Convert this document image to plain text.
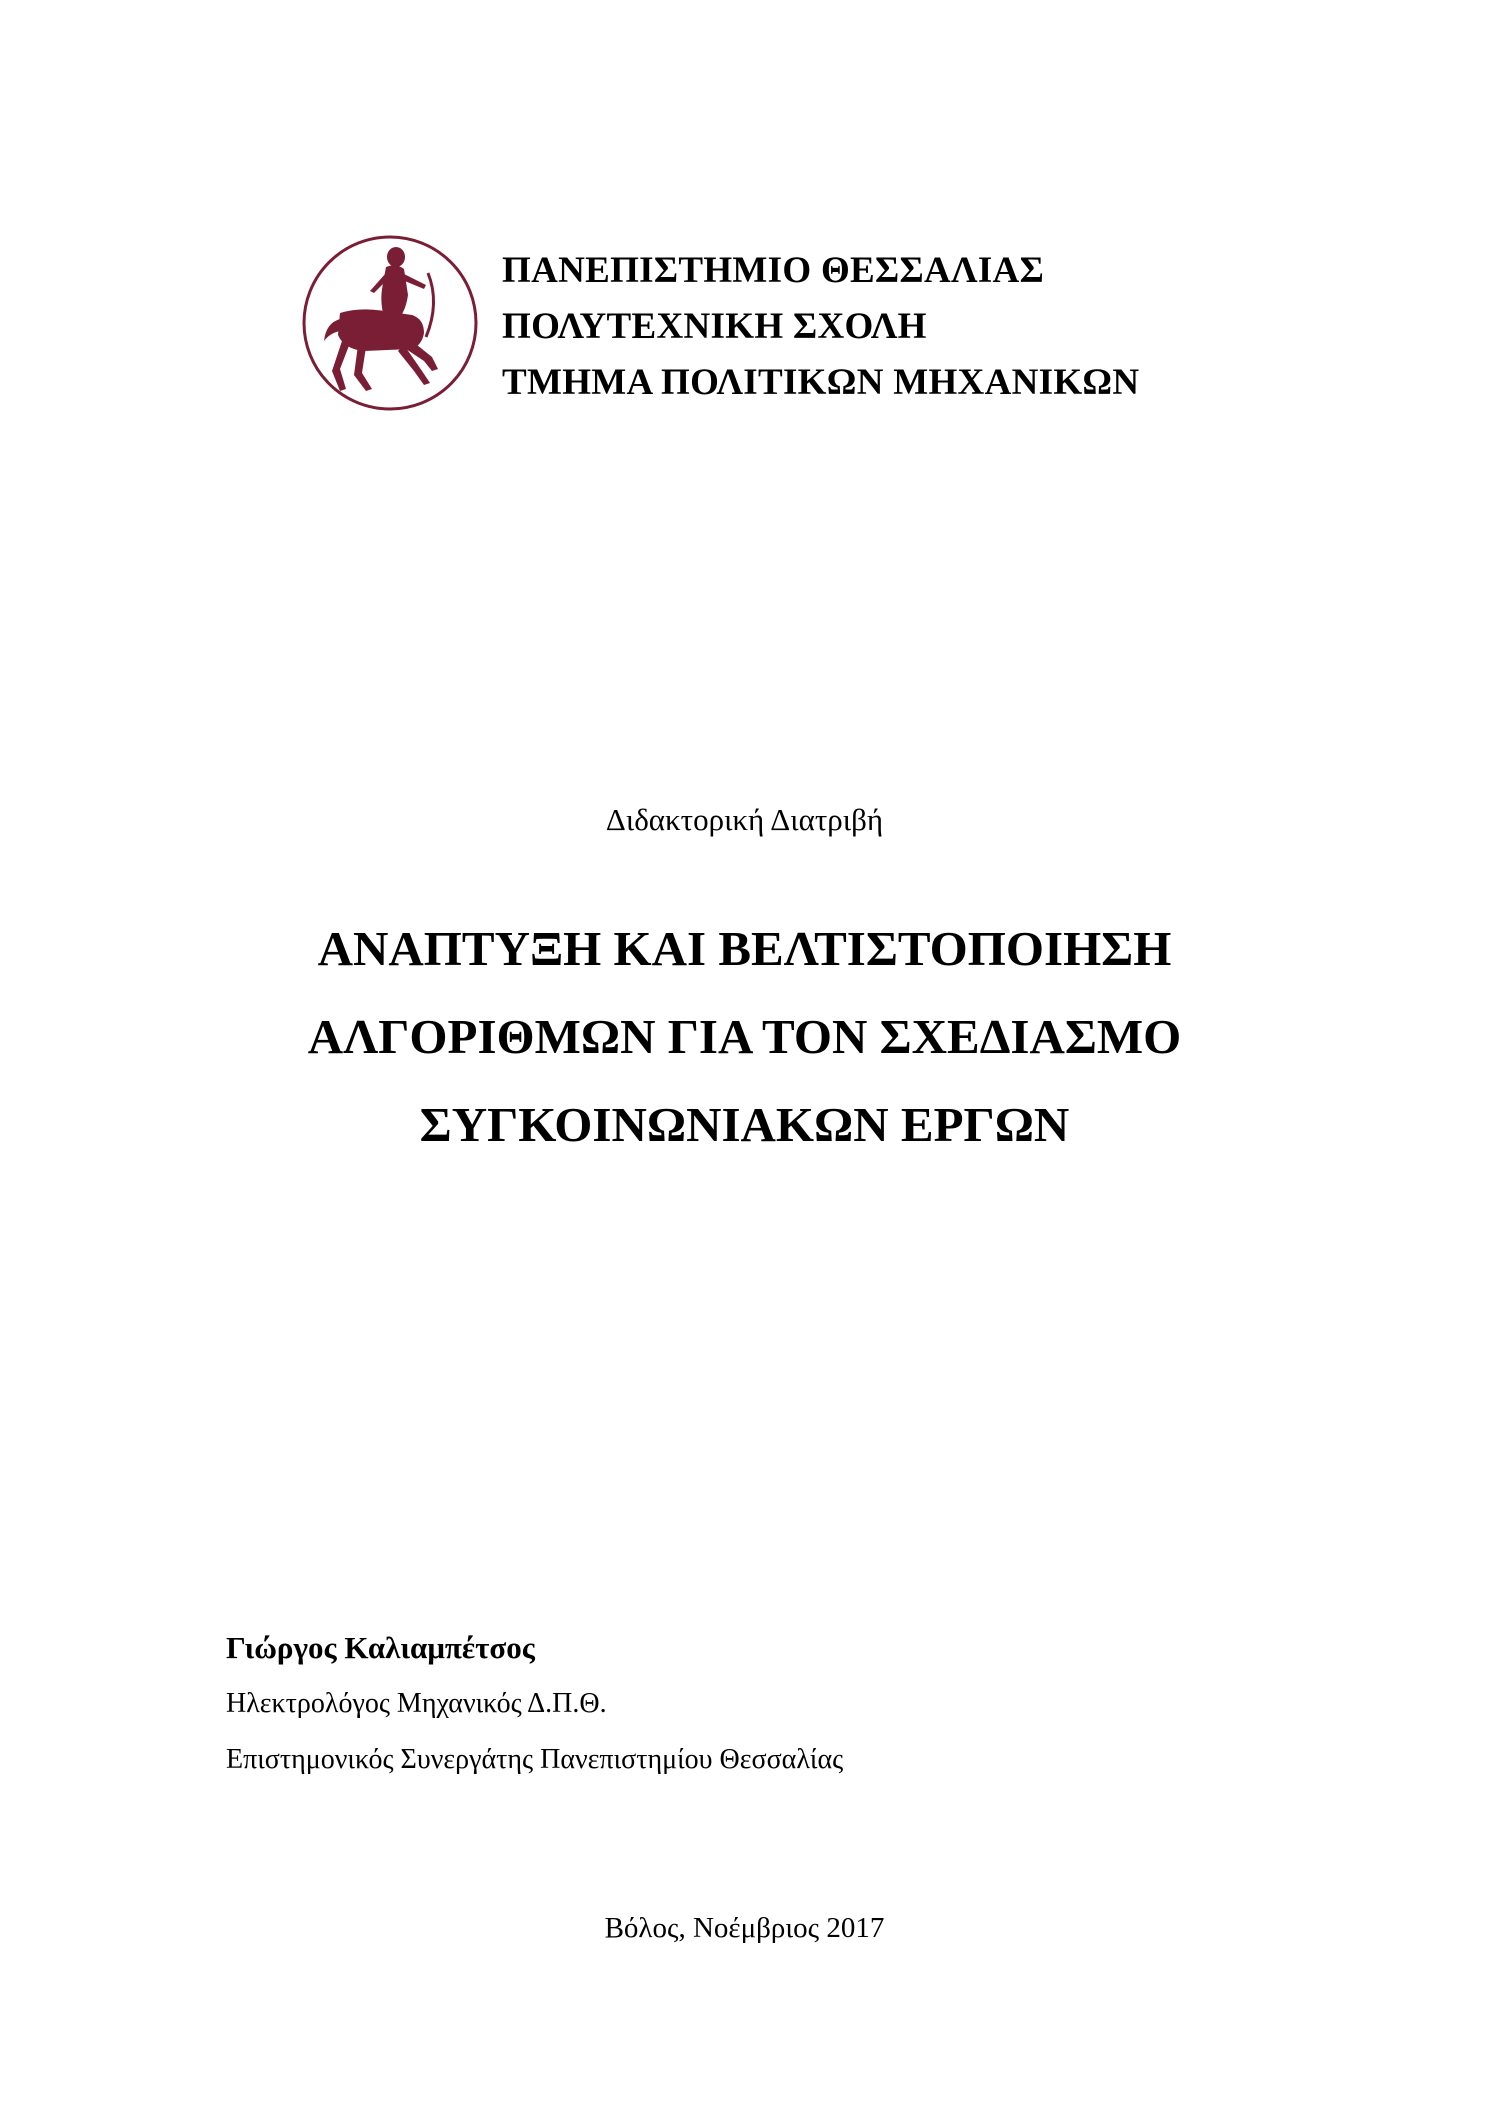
ΠΑΝΕΠΙΣΤΗΜΙΟ ΘΕΣΣΑΛΙΑΣ
ΠΟΛΥΤΕΧΝΙΚΗ ΣΧΟΛΗ
ΤΜΗΜΑ ΠΟΛΙΤΙΚΩΝ ΜΗΧΑΝΙΚΩΝ
Διδακτορική Διατριβή
ΑΝΑΠΤΥΞΗ ΚΑΙ ΒΕΛΤΙΣΤΟΠΟΙΗΣΗ
ΑΛΓΟΡΙΘΜΩΝ ΓΙΑ ΤΟΝ ΣΧΕΔΙΑΣΜΟ
ΣΥΓΚΟΙΝΩΝΙΑΚΩΝ ΕΡΓΩΝ
Γιώργος Καλιαμπέτσος
Ηλεκτρολόγος Μηχανικός Δ.Π.Θ.
Επιστημονικός Συνεργάτης Πανεπιστημίου Θεσσαλίας
Βόλος, Νοέμβριος 2017
